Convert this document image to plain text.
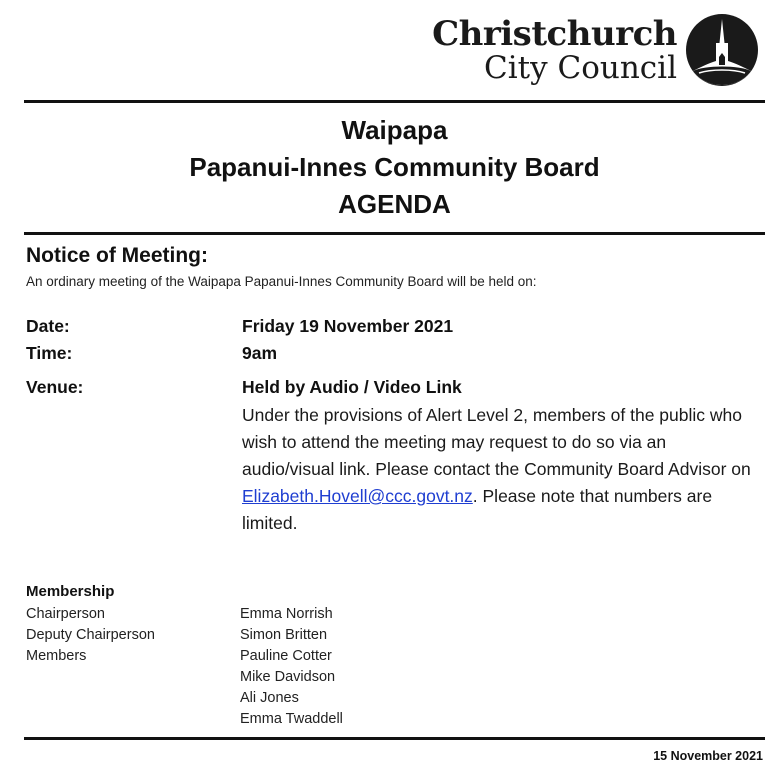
Christchurch
City Council
Waipapa
Papanui-Innes Community Board
AGENDA
Notice of Meeting:
An ordinary meeting of the Waipapa Papanui-Innes Community Board will be held on:
Date:	Friday 19 November 2021
Time:	9am
Venue:	Held by Audio / Video Link
Under the provisions of Alert Level 2, members of the public who wish to attend the meeting may request to do so via an audio/visual link. Please contact the Community Board Advisor on Elizabeth.Hovell@ccc.govt.nz. Please note that numbers are limited.
Membership
Chairperson	Emma Norrish
Deputy Chairperson	Simon Britten
Members	Pauline Cotter
Mike Davidson
Ali Jones
Emma Twaddell
15 November 2021
